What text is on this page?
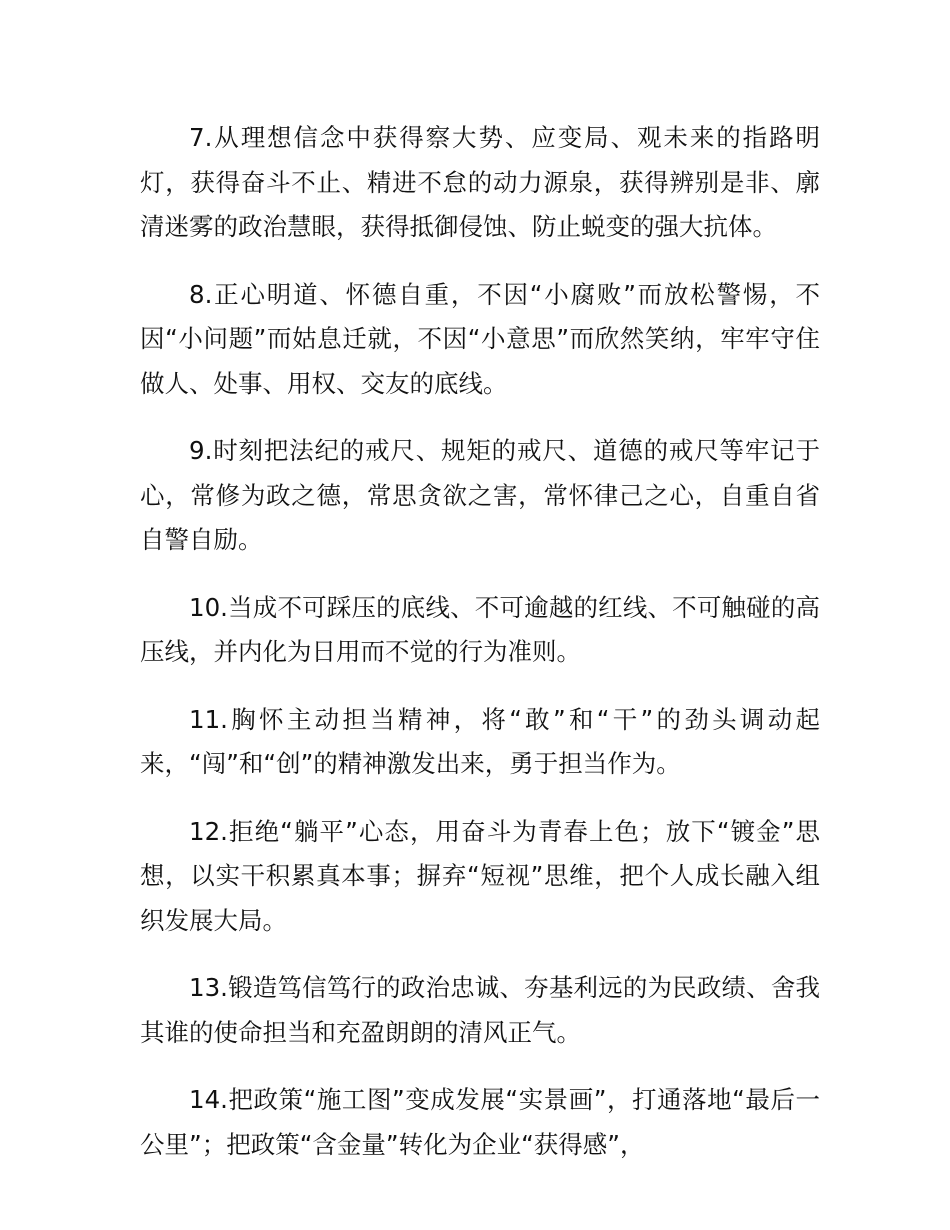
7.从理想信念中获得察大势、应变局、观未来的指路明灯，获得奋斗不止、精进不怠的动力源泉，获得辨别是非、廓清迷雾的政治慧眼，获得抵御侵蚀、防止蜕变的强大抗体。

8.正心明道、怀德自重，不因“小腐败”而放松警惕，不因“小问题”而姑息迁就，不因“小意思”而欣然笑纳，牢牢守住做人、处事、用权、交友的底线。

9.时刻把法纪的戒尺、规矩的戒尺、道德的戒尺等牢记于心，常修为政之德，常思贪欲之害，常怀律己之心，自重自省自警自励。

10.当成不可踩压的底线、不可逾越的红线、不可触碰的高压线，并内化为日用而不觉的行为准则。

11.胸怀主动担当精神，将“敢”和“干”的劲头调动起来，“闯”和“创”的精神激发出来，勇于担当作为。

12.拒绝“躺平”心态，用奋斗为青春上色；放下“镀金”思想，以实干积累真本事；摒弃“短视”思维，把个人成长融入组织发展大局。

13.锻造笃信笃行的政治忠诚、夯基利远的为民政绩、舍我其谁的使命担当和充盈朗朗的清风正气。

14.把政策“施工图”变成发展“实景画”，打通落地“最后一公里”；把政策“含金量”转化为企业“获得感”，
